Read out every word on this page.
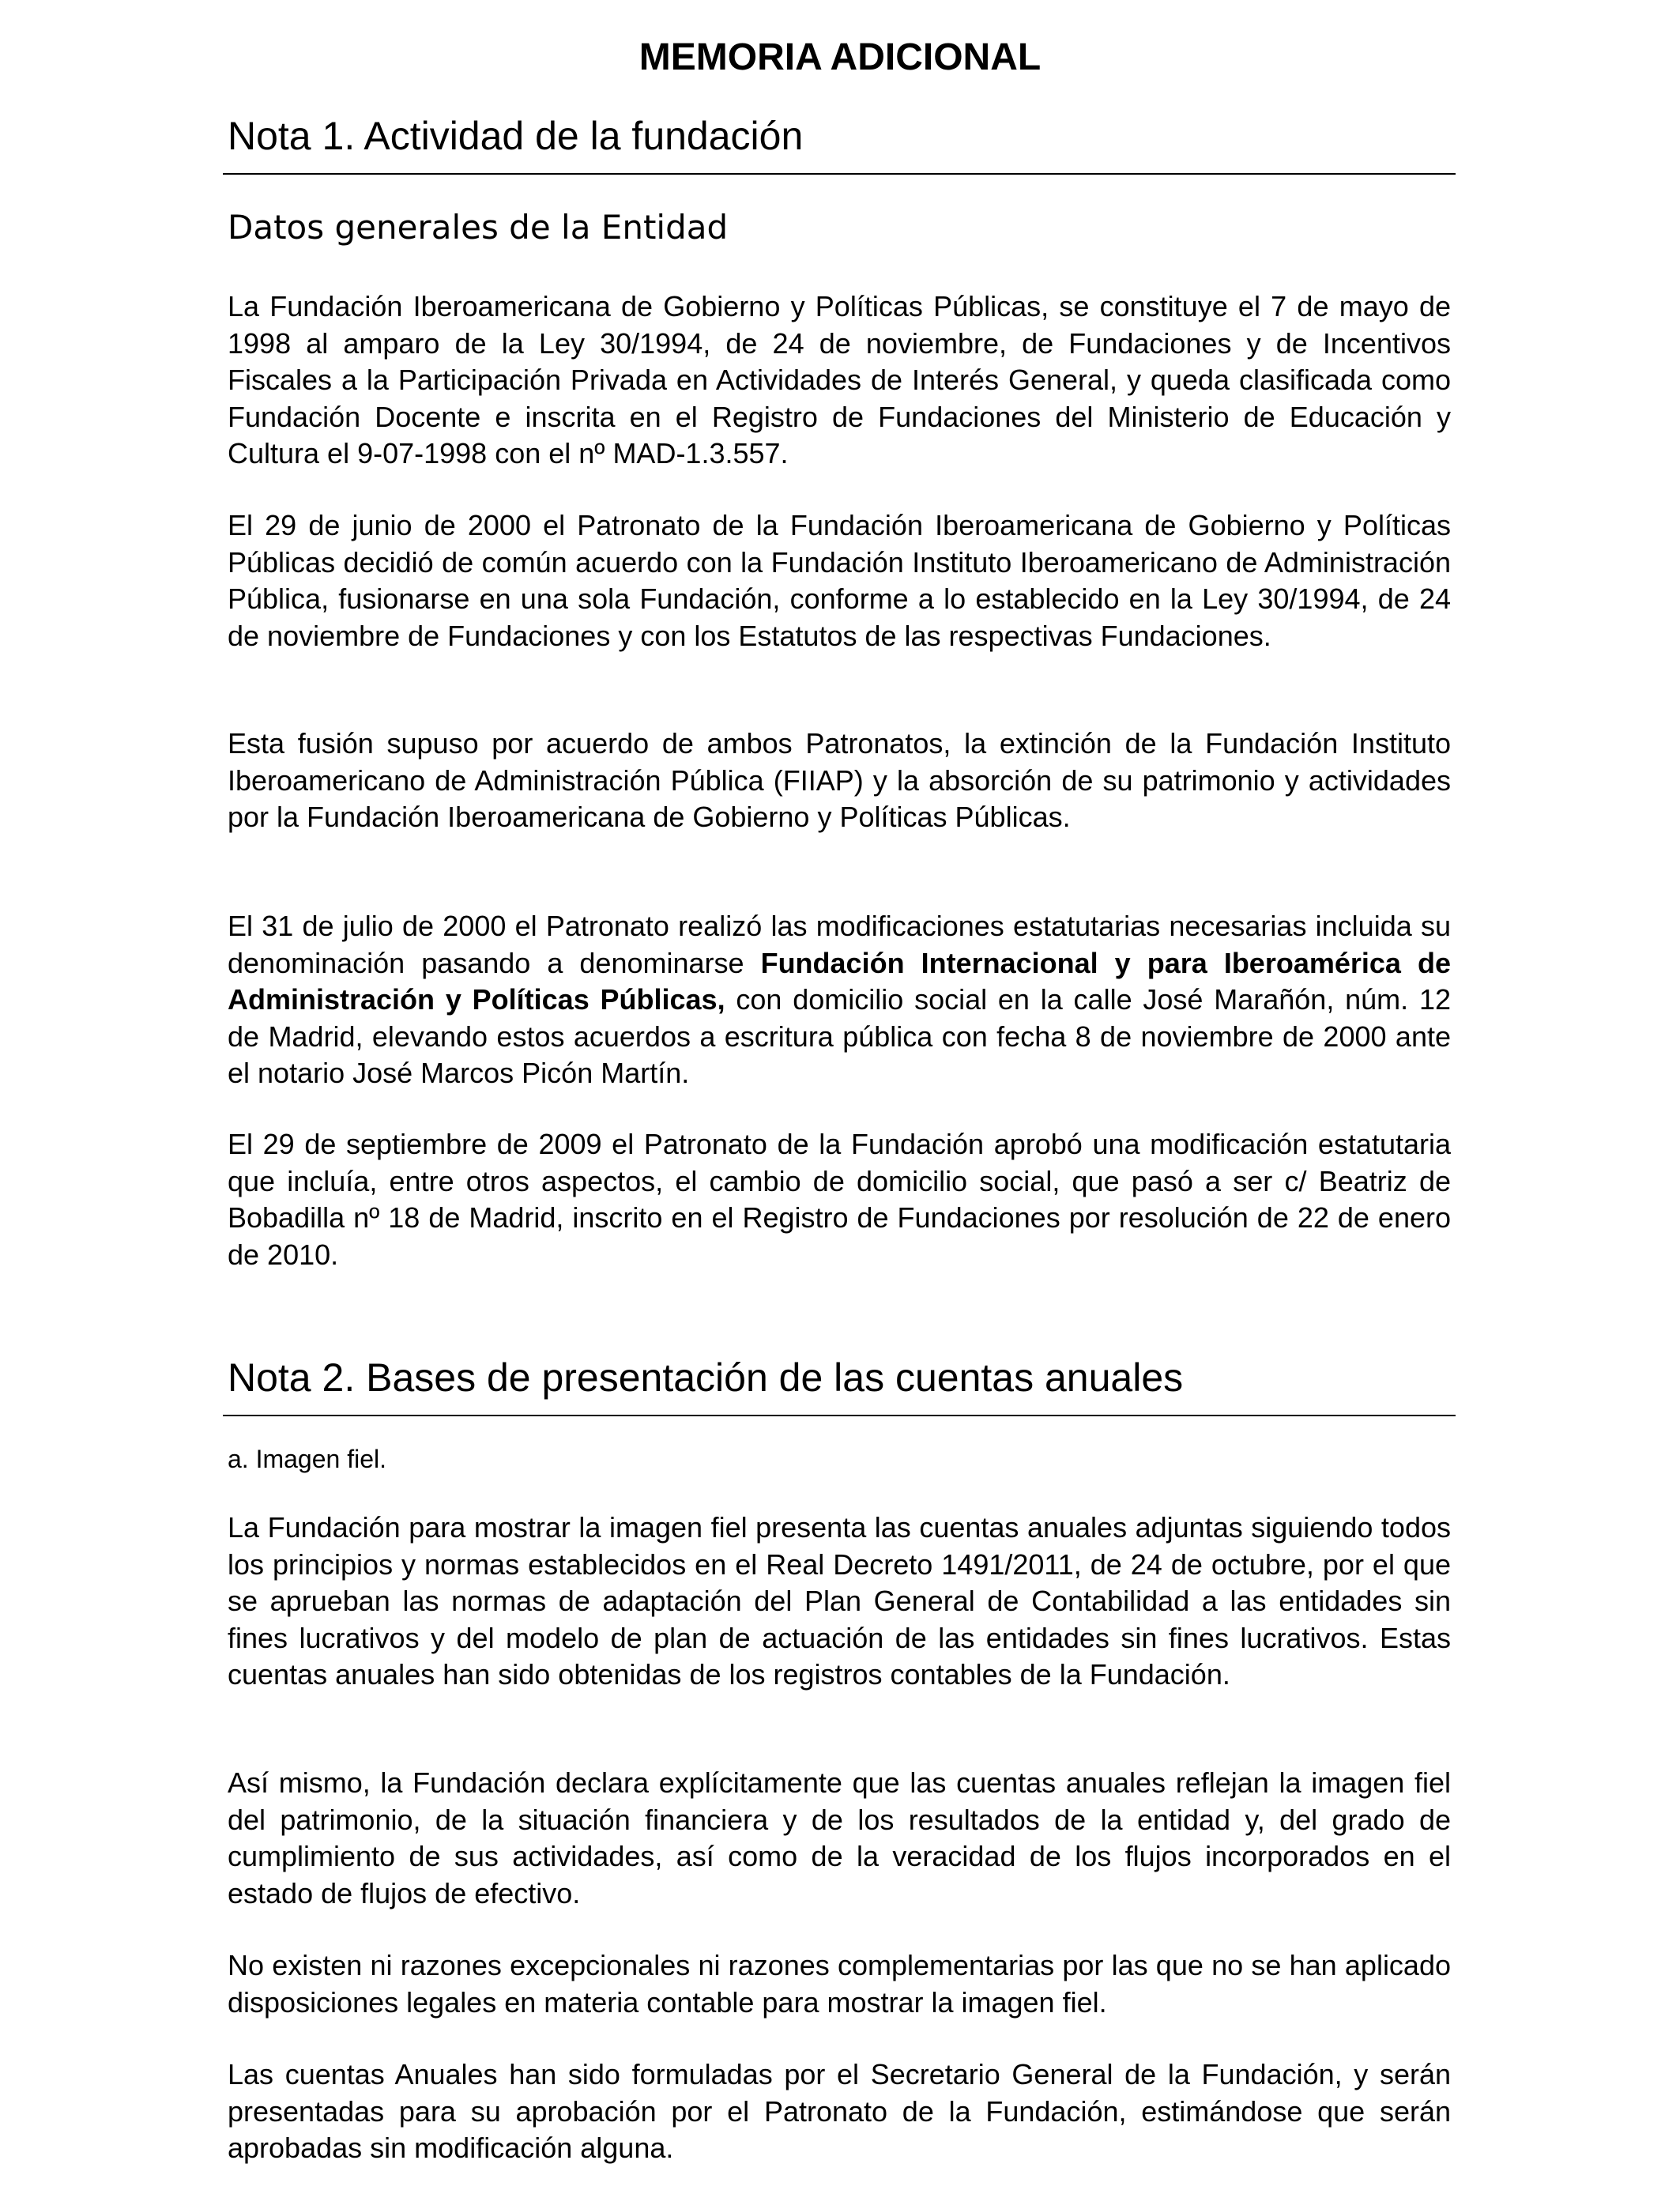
MEMORIA ADICIONAL
Nota 1. Actividad de la fundación
Datos generales de la Entidad

La Fundación Iberoamericana de Gobierno y Políticas Públicas, se constituye el 7 de mayo de 1998 al amparo de la Ley 30/1994, de 24 de noviembre, de Fundaciones y de Incentivos Fiscales a la Participación Privada en Actividades de Interés General, y queda clasificada como Fundación Docente e inscrita en el Registro de Fundaciones del Ministerio de Educación y Cultura el 9-07-1998 con el nº MAD-1.3.557.

El 29 de junio de 2000 el Patronato de la Fundación Iberoamericana de Gobierno y Políticas Públicas decidió de común acuerdo con la Fundación Instituto Iberoamericano de Administración Pública, fusionarse en una sola Fundación, conforme a lo establecido en la Ley 30/1994, de 24 de noviembre de Fundaciones y con los Estatutos de las respectivas Fundaciones.

Esta fusión supuso por acuerdo de ambos Patronatos, la extinción de la Fundación Instituto Iberoamericano de Administración Pública (FIIAP) y la absorción de su patrimonio y actividades por la Fundación Iberoamericana de Gobierno y Políticas Públicas.

El 31 de julio de 2000 el Patronato realizó las modificaciones estatutarias necesarias incluida su denominación pasando a denominarse Fundación Internacional y para Iberoamérica de Administración y Políticas Públicas, con domicilio social en la calle José Marañón, núm. 12 de Madrid, elevando estos acuerdos a escritura pública con fecha 8 de noviembre de 2000 ante el notario José Marcos Picón Martín.

El 29 de septiembre de 2009 el Patronato de la Fundación aprobó una modificación estatutaria que incluía, entre otros aspectos, el cambio de domicilio social, que pasó a ser c/ Beatriz de Bobadilla nº 18 de Madrid, inscrito en el Registro de Fundaciones por resolución de 22 de enero de 2010.

Nota 2. Bases de presentación de las cuentas anuales

a. Imagen fiel.

La Fundación para mostrar la imagen fiel presenta las cuentas anuales adjuntas siguiendo todos los principios y normas establecidos en el Real Decreto 1491/2011, de 24 de octubre, por el que se aprueban las normas de adaptación del Plan General de Contabilidad a las entidades sin fines lucrativos y del modelo de plan de actuación de las entidades sin fines lucrativos. Estas cuentas anuales han sido obtenidas de los registros contables de la Fundación.

Así mismo, la Fundación declara explícitamente que las cuentas anuales reflejan la imagen fiel del patrimonio, de la situación financiera y de los resultados de la entidad y, del grado de cumplimiento de sus actividades, así como de la veracidad de los flujos incorporados en el estado de flujos de efectivo.

No existen ni razones excepcionales ni razones complementarias por las que no se han aplicado disposiciones legales en materia contable para mostrar la imagen fiel.

Las cuentas Anuales han sido formuladas por el Secretario General de la Fundación, y serán presentadas para su aprobación por el Patronato de la Fundación, estimándose que serán aprobadas sin modificación alguna.
